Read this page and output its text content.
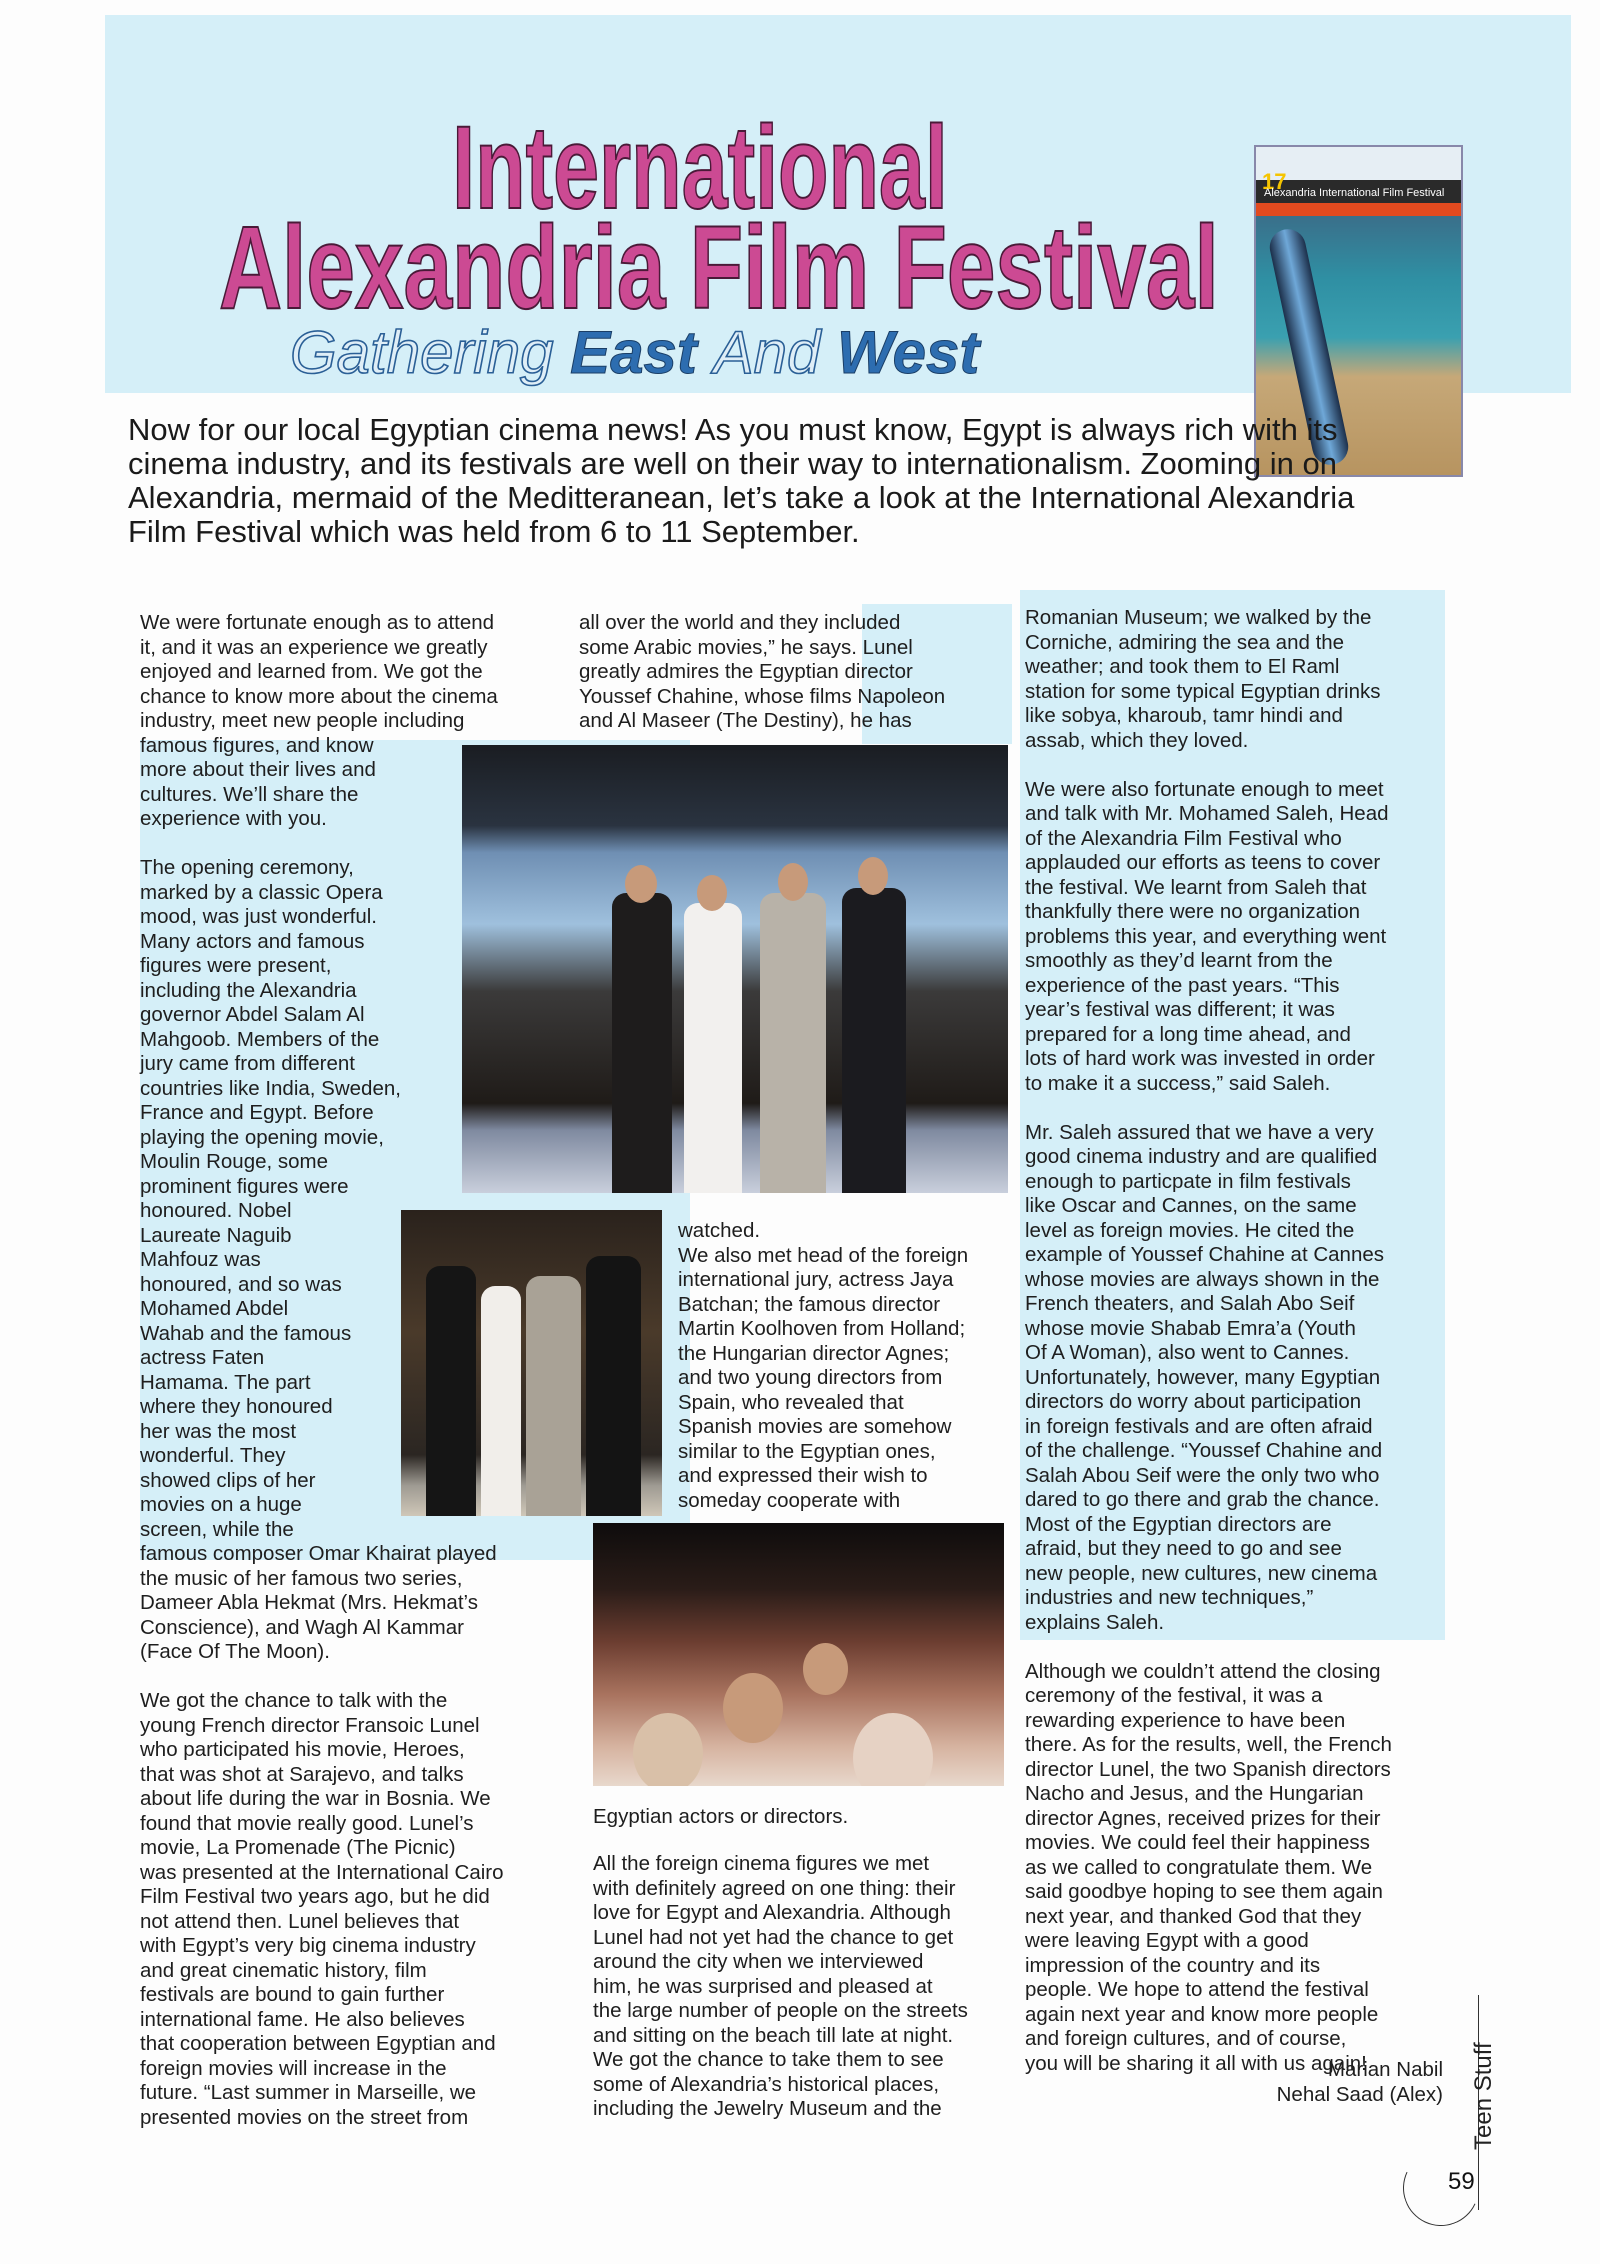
International
Alexandria Film Festival
Gathering East And West
17
Alexandria International Film Festival
Now for our local Egyptian cinema news! As you must know, Egypt is always rich with its cinema industry, and its festivals are well on their way to internationalism. Zooming in on Alexandria, mermaid of the Meditteranean, let’s take a look at the International Alexandria Film Festival which was held from 6 to 11 September.
We were fortunate enough as to attend
it, and it was an experience we greatly
enjoyed and learned from. We got the
chance to know more about the cinema
industry, meet new people including
famous figures, and know
more about their lives and
cultures. We’ll share the
experience with you.
The opening ceremony,
marked by a classic Opera
mood, was just wonderful.
Many actors and famous
figures were present,
including the Alexandria
governor Abdel Salam Al
Mahgoob. Members of the
jury came from different
countries like India, Sweden,
France and Egypt. Before
playing the opening movie,
Moulin Rouge, some
prominent figures were
honoured. Nobel
Laureate Naguib
Mahfouz was
honoured, and so was
Mohamed Abdel
Wahab and the famous
actress Faten
Hamama. The part
where they honoured
her was the most
wonderful. They
showed clips of her
movies on a huge
screen, while the
famous composer Omar Khairat played
the music of her famous two series,
Dameer Abla Hekmat (Mrs. Hekmat’s
Conscience), and Wagh Al Kammar
(Face Of The Moon).
We got the chance to talk with the
young French director Fransoic Lunel
who participated his movie, Heroes,
that was shot at Sarajevo, and talks
about life during the war in Bosnia. We
found that movie really good. Lunel’s
movie, La Promenade (The Picnic)
was presented at the International Cairo
Film Festival two years ago, but he did
not attend then. Lunel believes that
with Egypt’s very big cinema industry
and great cinematic history, film
festivals are bound to gain further
international fame. He also believes
that cooperation between Egyptian and
foreign movies will increase in the
future. “Last summer in Marseille, we
presented movies on the street from
all over the world and they included
some Arabic movies,” he says. Lunel
greatly admires the Egyptian director
Youssef Chahine, whose films Napoleon
and Al Maseer (The Destiny), he has
watched.
We also met head of the foreign
international jury, actress Jaya
Batchan; the famous director
Martin Koolhoven from Holland;
the Hungarian director Agnes;
and two young directors from
Spain, who revealed that
Spanish movies are somehow
similar to the Egyptian ones,
and expressed their wish to
someday cooperate with
Egyptian actors or directors.
All the foreign cinema figures we met
with definitely agreed on one thing: their
love for Egypt and Alexandria. Although
Lunel had not yet had the chance to get
around the city when we interviewed
him, he was surprised and pleased at
the large number of people on the streets
and sitting on the beach till late at night.
We got the chance to take them to see
some of Alexandria’s historical places,
including the Jewelry Museum and the
Romanian Museum; we walked by the
Corniche, admiring the sea and the
weather; and took them to El Raml
station for some typical Egyptian drinks
like sobya, kharoub, tamr hindi and
assab, which they loved.
We were also fortunate enough to meet
and talk with Mr. Mohamed Saleh, Head
of the Alexandria Film Festival who
applauded our efforts as teens to cover
the festival. We learnt from Saleh that
thankfully there were no organization
problems this year, and everything went
smoothly as they’d learnt from the
experience of the past years. “This
year’s festival was different; it was
prepared for a long time ahead, and
lots of hard work was invested in order
to make it a success,” said Saleh.
Mr. Saleh assured that we have a very
good cinema industry and are qualified
enough to particpate in film festivals
like Oscar and Cannes, on the same
level as foreign movies. He cited the
example of Youssef Chahine at Cannes
whose movies are always shown in the
French theaters, and Salah Abo Seif
whose movie Shabab Emra’a (Youth
Of A Woman), also went to Cannes.
Unfortunately, however, many Egyptian
directors do worry about participation
in foreign festivals and are often afraid
of the challenge. “Youssef Chahine and
Salah Abou Seif were the only two who
dared to go there and grab the chance.
Most of the Egyptian directors are
afraid, but they need to go and see
new people, new cultures, new cinema
industries and new techniques,”
explains Saleh.
Although we couldn’t attend the closing
ceremony of the festival, it was a
rewarding experience to have been
there. As for the results, well, the French
director Lunel, the two Spanish directors
Nacho and Jesus, and the Hungarian
director Agnes, received prizes for their
movies. We could feel their happiness
as we called to congratulate them. We
said goodbye hoping to see them again
next year, and thanked God that they
were leaving Egypt with a good
impression of the country and its
people. We hope to attend the festival
again next year and know more people
and foreign cultures, and of course,
you will be sharing it all with us again!
Marian Nabil
Nehal Saad (Alex) Teen Stuff
59
